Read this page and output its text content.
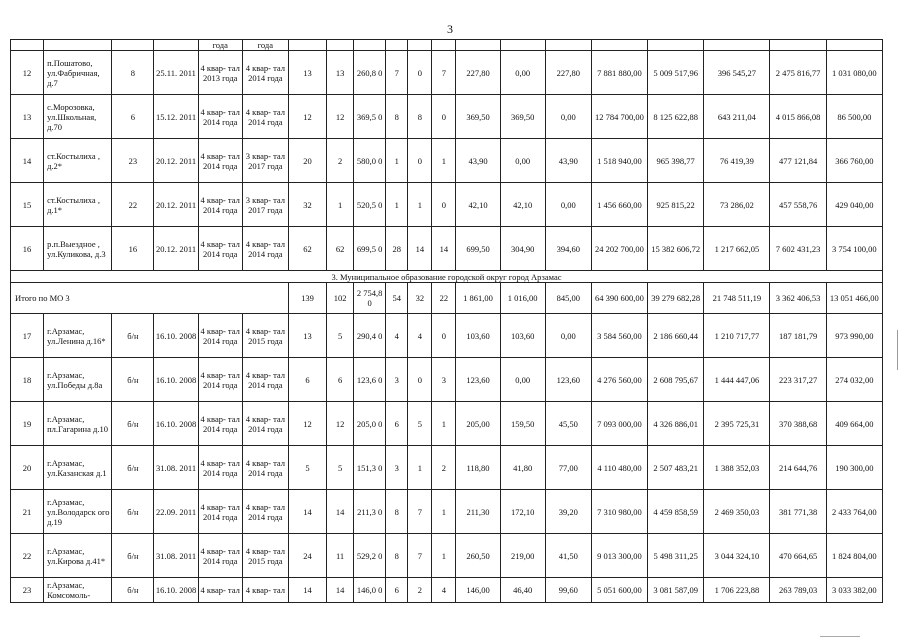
3
				года	года														
12	п.Пошатово, ул.Фабричная, д.7	8	25.11. 2011	4 квар- тал 2013 года	4 квар- тал 2014 года	13	13	260,8 0	7	0	7	227,80	0,00	227,80	7 881 880,00	5 009 517,96	396 545,27	2 475 816,77	1 031 080,00
13	с.Морозовка, ул.Школьная, д.70	6	15.12. 2011	4 квар- тал 2014 года	4 квар- тал 2014 года	12	12	369,5 0	8	8	0	369,50	369,50	0,00	12 784 700,00	8 125 622,88	643 211,04	4 015 866,08	86 500,00
14	ст.Костылиха , д.2*	23	20.12. 2011	4 квар- тал 2014 года	3 квар- тал 2017 года	20	2	580,0 0	1	0	1	43,90	0,00	43,90	1 518 940,00	965 398,77	76 419,39	477 121,84	366 760,00
15	ст.Костылиха , д.1*	22	20.12. 2011	4 квар- тал 2014 года	3 квар- тал 2017 года	32	1	520,5 0	1	1	0	42,10	42,10	0,00	1 456 660,00	925 815,22	73 286,02	457 558,76	429 040,00
16	р.п.Выездное , ул.Куликова, д.3	16	20.12. 2011	4 квар- тал 2014 года	4 квар- тал 2014 года	62	62	699,5 0	28	14	14	699,50	304,90	394,60	24 202 700,00	15 382 606,72	1 217 662,05	7 602 431,23	3 754 100,00
3. Муниципальное образование городской округ город Арзамас																			
Итого по МО 3						139	102	2 754,8 0	54	32	22	1 861,00	1 016,00	845,00	64 390 600,00	39 279 682,28	21 748 511,19	3 362 406,53	13 051 466,00
17	г.Арзамас, ул.Ленина д.16*	б/н	16.10. 2008	4 квар- тал 2014 года	4 квар- тал 2015 года	13	5	290,4 0	4	4	0	103,60	103,60	0,00	3 584 560,00	2 186 660,44	1 210 717,77	187 181,79	973 990,00
18	г.Арзамас, ул.Победы д.8а	б/н	16.10. 2008	4 квар- тал 2014 года	4 квар- тал 2014 года	6	6	123,6 0	3	0	3	123,60	0,00	123,60	4 276 560,00	2 608 795,67	1 444 447,06	223 317,27	274 032,00
19	г.Арзамас, пл.Гагарина д.10	б/н	16.10. 2008	4 квар- тал 2014 года	4 квар- тал 2014 года	12	12	205,0 0	6	5	1	205,00	159,50	45,50	7 093 000,00	4 326 886,01	2 395 725,31	370 388,68	409 664,00
20	г.Арзамас, ул.Казанская д.1	б/н	31.08. 2011	4 квар- тал 2014 года	4 квар- тал 2014 года	5	5	151,3 0	3	1	2	118,80	41,80	77,00	4 110 480,00	2 507 483,21	1 388 352,03	214 644,76	190 300,00
21	г.Арзамас, ул.Володарск ого д.19	б/н	22.09. 2011	4 квар- тал 2014 года	4 квар- тал 2014 года	14	14	211,3 0	8	7	1	211,30	172,10	39,20	7 310 980,00	4 459 858,59	2 469 350,03	381 771,38	2 433 764,00
22	г.Арзамас, ул.Кирова д.41*	б/н	31.08. 2011	4 квар- тал 2014 года	4 квар- тал 2015 года	24	11	529,2 0	8	7	1	260,50	219,00	41,50	9 013 300,00	5 498 311,25	3 044 324,10	470 664,65	1 824 804,00
23	г.Арзамас, Комсомоль-	б/н	16.10. 2008	4 квар- тал	4 квар- тал	14	14	146,0 0	6	2	4	146,00	46,40	99,60	5 051 600,00	3 081 587,09	1 706 223,88	263 789,03	3 033 382,00
